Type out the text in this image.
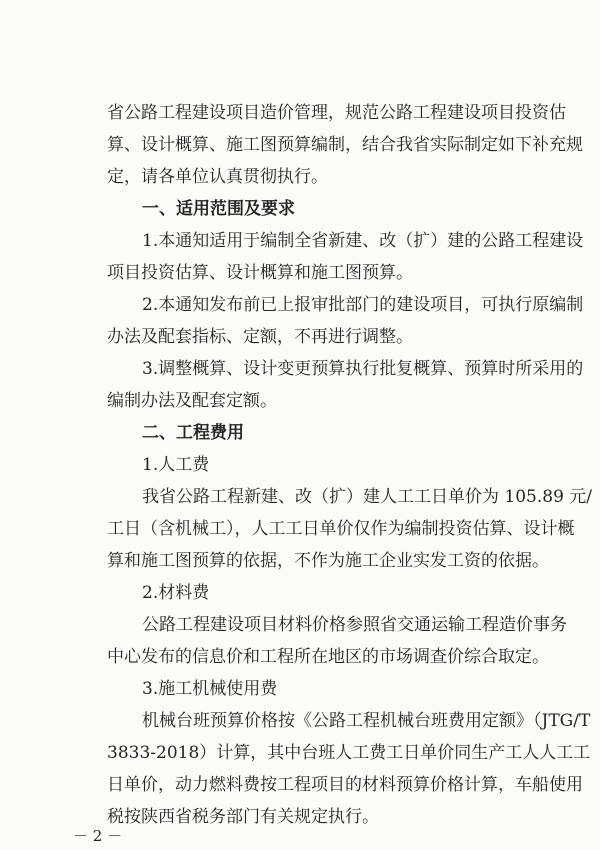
省公路工程建设项目造价管理，规范公路工程建设项目投资估
算、设计概算、施工图预算编制，结合我省实际制定如下补充规
定，请各单位认真贯彻执行。
一、适用范围及要求
1.本通知适用于编制全省新建、改（扩）建的公路工程建设
项目投资估算、设计概算和施工图预算。
2.本通知发布前已上报审批部门的建设项目，可执行原编制
办法及配套指标、定额，不再进行调整。
3.调整概算、设计变更预算执行批复概算、预算时所采用的
编制办法及配套定额。
二、工程费用
1.人工费
我省公路工程新建、改（扩）建人工工日单价为 105.89 元/
工日（含机械工），人工工日单价仅作为编制投资估算、设计概
算和施工图预算的依据，不作为施工企业实发工资的依据。
2.材料费
公路工程建设项目材料价格参照省交通运输工程造价事务
中心发布的信息价和工程所在地区的市场调查价综合取定。
3.施工机械使用费
机械台班预算价格按《公路工程机械台班费用定额》（JTG/T
3833-2018）计算，其中台班人工费工日单价同生产工人人工工
日单价，动力燃料费按工程项目的材料预算价格计算，车船使用
税按陕西省税务部门有关规定执行。
－ 2 －
